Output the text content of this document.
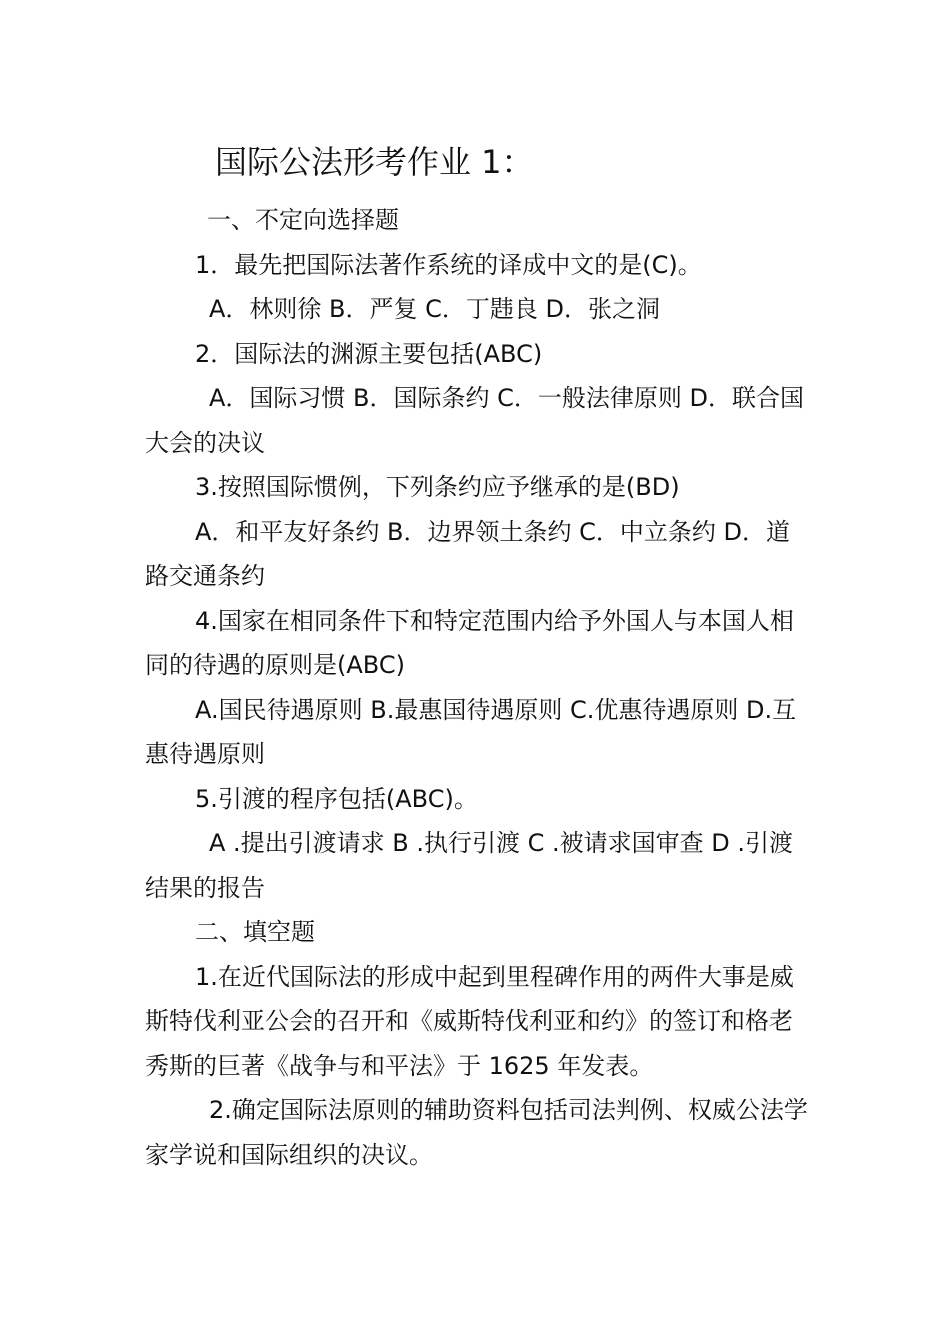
国际公法形考作业 1：

一、不定向选择题

1．最先把国际法著作系统的译成中文的是(C)。

A．林则徐 B．严复 C．丁韪良 D．张之洞

2．国际法的渊源主要包括(ABC)

A．国际习惯 B．国际条约 C．一般法律原则 D．联合国大会的决议

3.按照国际惯例，下列条约应予继承的是(BD)

A．和平友好条约 B．边界领土条约 C．中立条约 D．道路交通条约

4.国家在相同条件下和特定范围内给予外国人与本国人相同的待遇的原则是(ABC)

A.国民待遇原则 B.最惠国待遇原则 C.优惠待遇原则 D.互惠待遇原则

5.引渡的程序包括(ABC)。

A .提出引渡请求 B .执行引渡 C .被请求国审查 D .引渡结果的报告

二、填空题

1.在近代国际法的形成中起到里程碑作用的两件大事是威斯特伐利亚公会的召开和《威斯特伐利亚和约》的签订和格老秀斯的巨著《战争与和平法》于 1625 年发表。

2.确定国际法原则的辅助资料包括司法判例、权威公法学家学说和国际组织的决议。
